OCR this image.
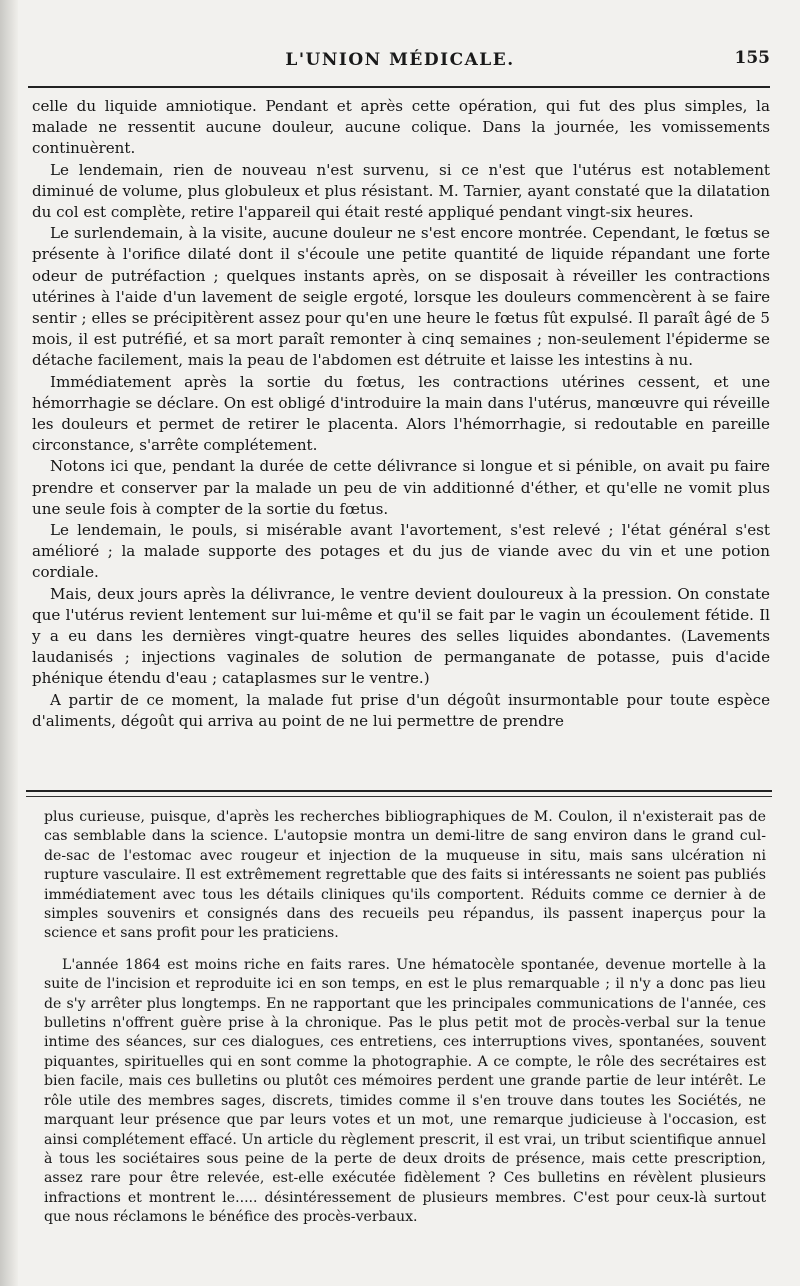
L'UNION MÉDICALE.	155

celle du liquide amniotique. Pendant et après cette opération, qui fut des plus simples, la malade ne ressentit aucune douleur, aucune colique. Dans la journée, les vomissements continuèrent.

Le lendemain, rien de nouveau n'est survenu, si ce n'est que l'utérus est notablement diminué de volume, plus globuleux et plus résistant. M. Tarnier, ayant constaté que la dilatation du col est complète, retire l'appareil qui était resté appliqué pendant vingt-six heures.

Le surlendemain, à la visite, aucune douleur ne s'est encore montrée. Cependant, le fœtus se présente à l'orifice dilaté dont il s'écoule une petite quantité de liquide répandant une forte odeur de putréfaction ; quelques instants après, on se disposait à réveiller les contractions utérines à l'aide d'un lavement de seigle ergoté, lorsque les douleurs commencèrent à se faire sentir ; elles se précipitèrent assez pour qu'en une heure le fœtus fût expulsé. Il paraît âgé de 5 mois, il est putréfié, et sa mort paraît remonter à cinq semaines ; non-seulement l'épiderme se détache facilement, mais la peau de l'abdomen est détruite et laisse les intestins à nu.

Immédiatement après la sortie du fœtus, les contractions utérines cessent, et une hémorrhagie se déclare. On est obligé d'introduire la main dans l'utérus, manœuvre qui réveille les douleurs et permet de retirer le placenta. Alors l'hémorrhagie, si redoutable en pareille circonstance, s'arrête complétement.

Notons ici que, pendant la durée de cette délivrance si longue et si pénible, on avait pu faire prendre et conserver par la malade un peu de vin additionné d'éther, et qu'elle ne vomit plus une seule fois à compter de la sortie du fœtus.

Le lendemain, le pouls, si misérable avant l'avortement, s'est relevé ; l'état général s'est amélioré ; la malade supporte des potages et du jus de viande avec du vin et une potion cordiale.

Mais, deux jours après la délivrance, le ventre devient douloureux à la pression. On constate que l'utérus revient lentement sur lui-même et qu'il se fait par le vagin un écoulement fétide. Il y a eu dans les dernières vingt-quatre heures des selles liquides abondantes. (Lavements laudanisés ; injections vaginales de solution de permanganate de potasse, puis d'acide phénique étendu d'eau ; cataplasmes sur le ventre.)

A partir de ce moment, la malade fut prise d'un dégoût insurmontable pour toute espèce d'aliments, dégoût qui arriva au point de ne lui permettre de prendre

plus curieuse, puisque, d'après les recherches bibliographiques de M. Coulon, il n'existerait pas de cas semblable dans la science. L'autopsie montra un demi-litre de sang environ dans le grand cul-de-sac de l'estomac avec rougeur et injection de la muqueuse in situ, mais sans ulcération ni rupture vasculaire. Il est extrêmement regrettable que des faits si intéressants ne soient pas publiés immédiatement avec tous les détails cliniques qu'ils comportent. Réduits comme ce dernier à de simples souvenirs et consignés dans des recueils peu répandus, ils passent inaperçus pour la science et sans profit pour les praticiens.

L'année 1864 est moins riche en faits rares. Une hématocèle spontanée, devenue mortelle à la suite de l'incision et reproduite ici en son temps, en est le plus remarquable ; il n'y a donc pas lieu de s'y arrêter plus longtemps. En ne rapportant que les principales communications de l'année, ces bulletins n'offrent guère prise à la chronique. Pas le plus petit mot de procès-verbal sur la tenue intime des séances, sur ces dialogues, ces entretiens, ces interruptions vives, spontanées, souvent piquantes, spirituelles qui en sont comme la photographie. A ce compte, le rôle des secrétaires est bien facile, mais ces bulletins ou plutôt ces mémoires perdent une grande partie de leur intérêt. Le rôle utile des membres sages, discrets, timides comme il s'en trouve dans toutes les Sociétés, ne marquant leur présence que par leurs votes et un mot, une remarque judicieuse à l'occasion, est ainsi complétement effacé. Un article du règlement prescrit, il est vrai, un tribut scientifique annuel à tous les sociétaires sous peine de la perte de deux droits de présence, mais cette prescription, assez rare pour être relevée, est-elle exécutée fidèlement ? Ces bulletins en révèlent plusieurs infractions et montrent le..... désintéressement de plusieurs membres. C'est pour ceux-là surtout que nous réclamons le bénéfice des procès-verbaux.
